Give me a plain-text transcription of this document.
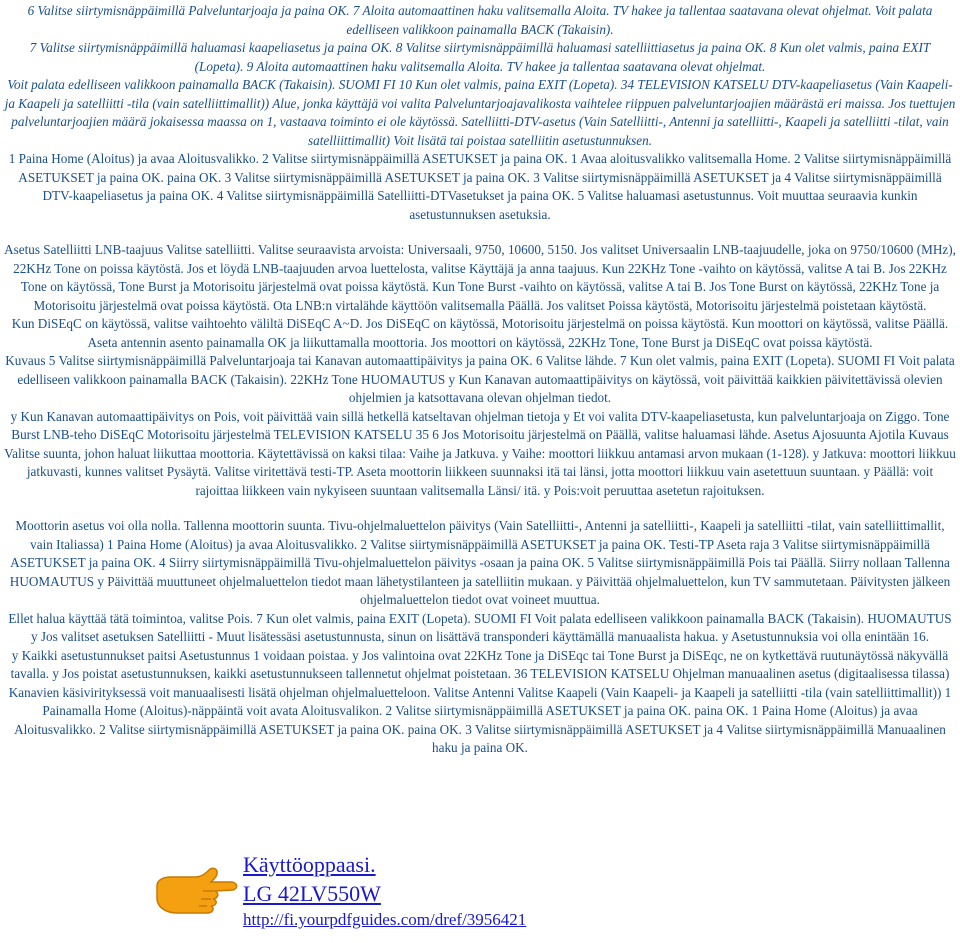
6 Valitse siirtymisnäppäimillä Palveluntarjoaja ja paina OK. 7 Aloita automaattinen haku valitsemalla Aloita. TV hakee ja tallentaa saatavana olevat ohjelmat. Voit palata edelliseen valikkoon painamalla BACK (Takaisin).

7 Valitse siirtymisnäppäimillä haluamasi kaapeliasetus ja paina OK. 8 Valitse siirtymisnäppäimillä haluamasi satelliittiasetus ja paina OK. 8 Kun olet valmis, paina EXIT (Lopeta). 9 Aloita automaattinen haku valitsemalla Aloita. TV hakee ja tallentaa saatavana olevat ohjelmat.

Voit palata edelliseen valikkoon painamalla BACK (Takaisin). SUOMI FI 10 Kun olet valmis, paina EXIT (Lopeta). 34 TELEVISION KATSELU DTV-kaapeliasetus (Vain Kaapeli- ja Kaapeli ja satelliitti -tila (vain satelliittimallit)) Alue, jonka käyttäjä voi valita Palveluntarjoajavalikosta vaihtelee riippuen palveluntarjoajien määrästä eri maissa. Jos tuettujen palveluntarjoajien määrä jokaisessa maassa on 1, vastaava toiminto ei ole käytössä. Satelliitti-DTV-asetus (Vain Satelliitti-, Antenni ja satelliitti-, Kaapeli ja satelliitti -tilat, vain satelliittimallit) Voit lisätä tai poistaa satelliitin asetustunnuksen.

1 Paina Home (Aloitus) ja avaa Aloitusvalikko. 2 Valitse siirtymisnäppäimillä ASETUKSET ja paina OK. 1 Avaa aloitusvalikko valitsemalla Home. 2 Valitse siirtymisnäppäimillä ASETUKSET ja paina OK. paina OK. 3 Valitse siirtymisnäppäimillä ASETUKSET ja paina OK. 3 Valitse siirtymisnäppäimillä ASETUKSET ja 4 Valitse siirtymisnäppäimillä DTV-kaapeliasetus ja paina OK. 4 Valitse siirtymisnäppäimillä Satelliitti-DTVasetukset ja paina OK. 5 Valitse haluamasi asetustunnus. Voit muuttaa seuraavia kunkin asetustunnuksen asetuksia.

Asetus Satelliitti LNB-taajuus Valitse satelliitti. Valitse seuraavista arvoista: Universaali, 9750, 10600, 5150. Jos valitset Universaalin LNB-taajuudelle, joka on 9750/10600 (MHz), 22KHz Tone on poissa käytöstä. Jos et löydä LNB-taajuuden arvoa luettelosta, valitse Käyttäjä ja anna taajuus. Kun 22KHz Tone -vaihto on käytössä, valitse A tai B. Jos 22KHz Tone on käytössä, Tone Burst ja Motorisoitu järjestelmä ovat poissa käytöstä. Kun Tone Burst -vaihto on käytössä, valitse A tai B. Jos Tone Burst on käytössä, 22KHz Tone ja Motorisoitu järjestelmä ovat poissa käytöstä. Ota LNB:n virtalähde käyttöön valitsemalla Päällä. Jos valitset Poissa käytöstä, Motorisoitu järjestelmä poistetaan käytöstä.

Kun DiSEqC on käytössä, valitse vaihtoehto väliltä DiSEqC A~D. Jos DiSEqC on käytössä, Motorisoitu järjestelmä on poissa käytöstä. Kun moottori on käytössä, valitse Päällä. Aseta antennin asento painamalla OK ja liikuttamalla moottoria. Jos moottori on käytössä, 22KHz Tone, Tone Burst ja DiSEqC ovat poissa käytöstä.

Kuvaus 5 Valitse siirtymisnäppäimillä Palveluntarjoaja tai Kanavan automaattipäivitys ja paina OK. 6 Valitse lähde. 7 Kun olet valmis, paina EXIT (Lopeta). SUOMI FI Voit palata edelliseen valikkoon painamalla BACK (Takaisin). 22KHz Tone HUOMAUTUS y Kun Kanavan automaattipäivitys on käytössä, voit päivittää kaikkien päivitettävissä olevien ohjelmien ja katsottavana olevan ohjelman tiedot.

y Kun Kanavan automaattipäivitys on Pois, voit päivittää vain sillä hetkellä katseltavan ohjelman tietoja y Et voi valita DTV-kaapeliasetusta, kun palveluntarjoaja on Ziggo. Tone Burst LNB-teho DiSEqC Motorisoitu järjestelmä TELEVISION KATSELU 35 6 Jos Motorisoitu järjestelmä on Päällä, valitse haluamasi lähde. Asetus Ajosuunta Ajotila Kuvaus Valitse suunta, johon haluat liikuttaa moottoria. Käytettävissä on kaksi tilaa: Vaihe ja Jatkuva. y Vaihe: moottori liikkuu antamasi arvon mukaan (1-128). y Jatkuva: moottori liikkuu jatkuvasti, kunnes valitset Pysäytä. Valitse viritettävä testi-TP. Aseta moottorin liikkeen suunnaksi itä tai länsi, jotta moottori liikkuu vain asetettuun suuntaan. y Päällä: voit rajoittaa liikkeen vain nykyiseen suuntaan valitsemalla Länsi/ itä. y Pois:voit peruuttaa asetetun rajoituksen.

Moottorin asetus voi olla nolla. Tallenna moottorin suunta. Tivu-ohjelmaluettelon päivitys (Vain Satelliitti-, Antenni ja satelliitti-, Kaapeli ja satelliitti -tilat, vain satelliittimallit, vain Italiassa) 1 Paina Home (Aloitus) ja avaa Aloitusvalikko. 2 Valitse siirtymisnäppäimillä ASETUKSET ja paina OK. Testi-TP Aseta raja 3 Valitse siirtymisnäppäimillä ASETUKSET ja paina OK. 4 Siirry siirtymisnäppäimillä Tivu-ohjelmaluettelon päivitys -osaan ja paina OK. 5 Valitse siirtymisnäppäimillä Pois tai Päällä. Siirry nollaan Tallenna HUOMAUTUS y Päivittää muuttuneet ohjelmaluettelon tiedot maan lähetystilanteen ja satelliitin mukaan. y Päivittää ohjelmaluettelon, kun TV sammutetaan. Päivitysten jälkeen ohjelmaluettelon tiedot ovat voineet muuttua.

Ellet halua käyttää tätä toimintoa, valitse Pois. 7 Kun olet valmis, paina EXIT (Lopeta). SUOMI FI Voit palata edelliseen valikkoon painamalla BACK (Takaisin). HUOMAUTUS y Jos valitset asetuksen Satelliitti - Muut lisätessäsi asetustunnusta, sinun on lisättävä transponderi käyttämällä manuaalista hakua. y Asetustunnuksia voi olla enintään 16.

y Kaikki asetustunnukset paitsi Asetustunnus 1 voidaan poistaa. y Jos valintoina ovat 22KHz Tone ja DiSEqc tai Tone Burst ja DiSEqc, ne on kytkettävä ruutunäytössä näkyvällä tavalla. y Jos poistat asetustunnuksen, kaikki asetustunnukseen tallennetut ohjelmat poistetaan. 36 TELEVISION KATSELU Ohjelman manuaalinen asetus (digitaalisessa tilassa) Kanavien käsivirityksessä voit manuaalisesti lisätä ohjelman ohjelmaluetteloon. Valitse Antenni Valitse Kaapeli (Vain Kaapeli- ja Kaapeli ja satelliitti -tila (vain satelliittimallit)) 1 Painamalla Home (Aloitus)-näppäintä voit avata Aloitusvalikon. 2 Valitse siirtymisnäppäimillä ASETUKSET ja paina OK. paina OK. 1 Paina Home (Aloitus) ja avaa Aloitusvalikko. 2 Valitse siirtymisnäppäimillä ASETUKSET ja paina OK. paina OK. 3 Valitse siirtymisnäppäimillä ASETUKSET ja 4 Valitse siirtymisnäppäimillä Manuaalinen haku ja paina OK.

Käyttöoppaasi.
LG 42LV550W
http://fi.yourpdfguides.com/dref/3956421
